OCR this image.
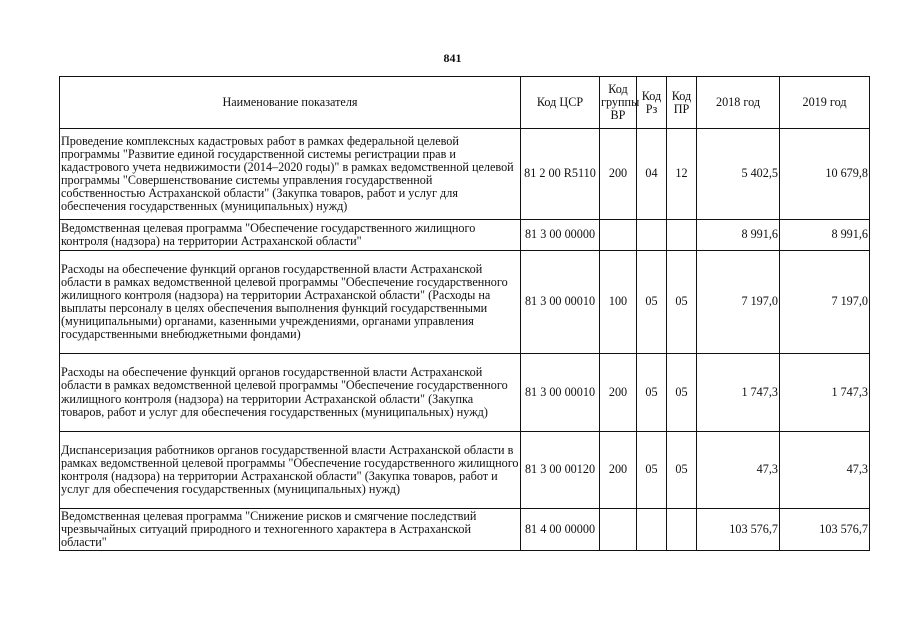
841
Наименование показателя	Код ЦСР	Код группы ВР	Код Рз	Код ПР	2018 год	2019 год
Проведение комплексных кадастровых работ в рамках федеральной целевой программы "Развитие единой государственной системы регистрации прав и кадастрового учета недвижимости (2014–2020 годы)" в рамках ведомственной целевой программы "Совершенствование системы управления государственной собственностью Астраханской области" (Закупка товаров, работ и услуг для обеспечения государственных (муниципальных) нужд)	81 2 00 R5110	200	04	12	5 402,5	10 679,8
Ведомственная целевая программа "Обеспечение государственного жилищного контроля (надзора) на территории Астраханской области"	81 3 00 00000				8 991,6	8 991,6
Расходы на обеспечение функций органов государственной власти Астраханской области в рамках ведомственной целевой программы "Обеспечение государственного жилищного контроля (надзора) на территории Астраханской области" (Расходы на выплаты персоналу в целях обеспечения выполнения функций государственными (муниципальными) органами, казенными учреждениями, органами управления государственными внебюджетными фондами)	81 3 00 00010	100	05	05	7 197,0	7 197,0
Расходы на обеспечение функций органов государственной власти Астраханской области в рамках ведомственной целевой программы "Обеспечение государственного жилищного контроля (надзора) на территории Астраханской области" (Закупка товаров, работ и услуг для обеспечения государственных (муниципальных) нужд)	81 3 00 00010	200	05	05	1 747,3	1 747,3
Диспансеризация работников органов государственной власти Астраханской области в рамках ведомственной целевой программы "Обеспечение государственного жилищного контроля (надзора) на территории Астраханской области" (Закупка товаров, работ и услуг для обеспечения государственных (муниципальных) нужд)	81 3 00 00120	200	05	05	47,3	47,3
Ведомственная целевая программа "Снижение рисков и смягчение последствий чрезвычайных ситуаций природного и техногенного характера в Астраханской области"	81 4 00 00000				103 576,7	103 576,7
